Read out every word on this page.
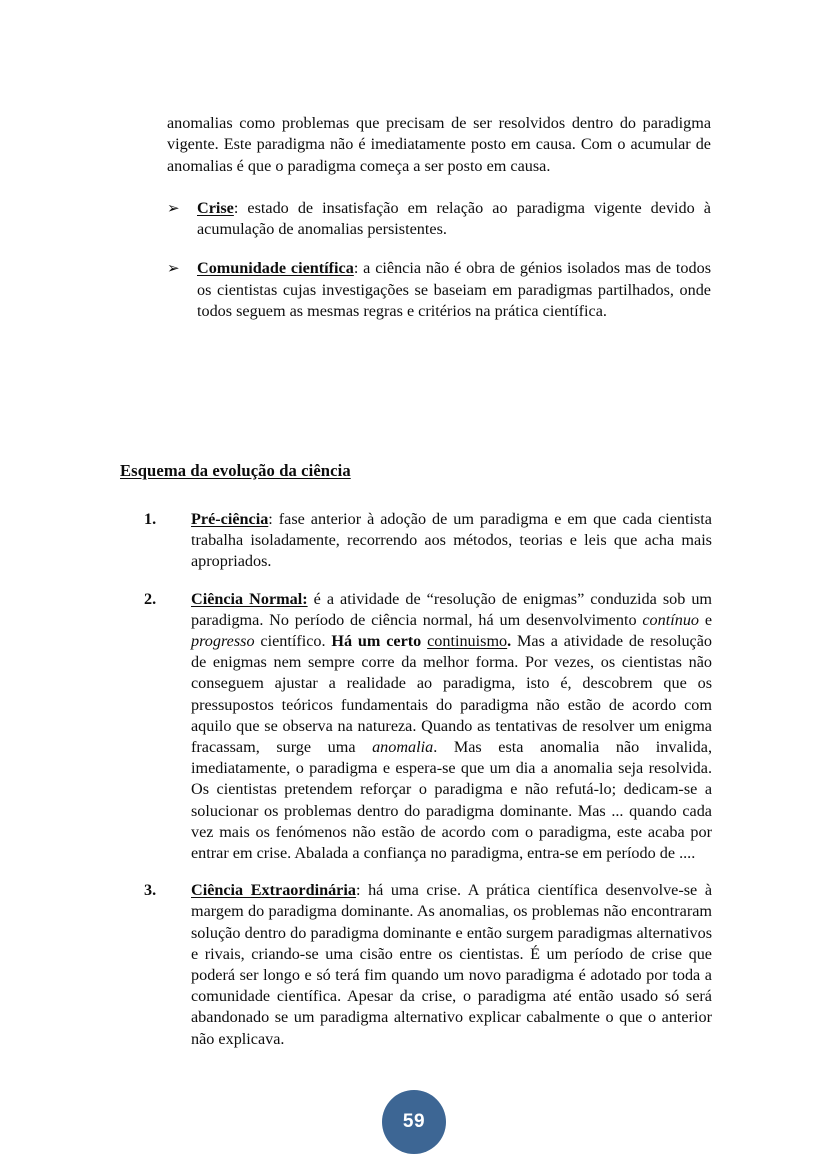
anomalias como problemas que precisam de ser resolvidos dentro do paradigma vigente. Este paradigma não é imediatamente posto em causa. Com o acumular de anomalias é que o paradigma começa a ser posto em causa.

➢ Crise: estado de insatisfação em relação ao paradigma vigente devido à acumulação de anomalias persistentes.
➢ Comunidade científica: a ciência não é obra de génios isolados mas de todos os cientistas cujas investigações se baseiam em paradigmas partilhados, onde todos seguem as mesmas regras e critérios na prática científica.
Esquema da evolução da ciência
1.	Pré-ciência: fase anterior à adoção de um paradigma e em que cada cientista trabalha isoladamente, recorrendo aos métodos, teorias e leis que acha mais apropriados.
2.	Ciência Normal: é a atividade de “resolução de enigmas” conduzida sob um paradigma. No período de ciência normal, há um desenvolvimento contínuo e progresso científico. Há um certo continuismo. Mas a atividade de resolução de enigmas nem sempre corre da melhor forma. Por vezes, os cientistas não conseguem ajustar a realidade ao paradigma, isto é, descobrem que os pressupostos teóricos fundamentais do paradigma não estão de acordo com aquilo que se observa na natureza. Quando as tentativas de resolver um enigma fracassam, surge uma anomalia. Mas esta anomalia não invalida, imediatamente, o paradigma e espera-se que um dia a anomalia seja resolvida. Os cientistas pretendem reforçar o paradigma e não refutá-lo; dedicam-se a solucionar os problemas dentro do paradigma dominante. Mas ... quando cada vez mais os fenómenos não estão de acordo com o paradigma, este acaba por entrar em crise. Abalada a confiança no paradigma, entra-se em período de ....
3.	Ciência Extraordinária: há uma crise. A prática científica desenvolve-se à margem do paradigma dominante. As anomalias, os problemas não encontraram solução dentro do paradigma dominante e então surgem paradigmas alternativos e rivais, criando-se uma cisão entre os cientistas. É um período de crise que poderá ser longo e só terá fim quando um novo paradigma é adotado por toda a comunidade científica. Apesar da crise, o paradigma até então usado só será abandonado se um paradigma alternativo explicar cabalmente o que o anterior não explicava.
59
